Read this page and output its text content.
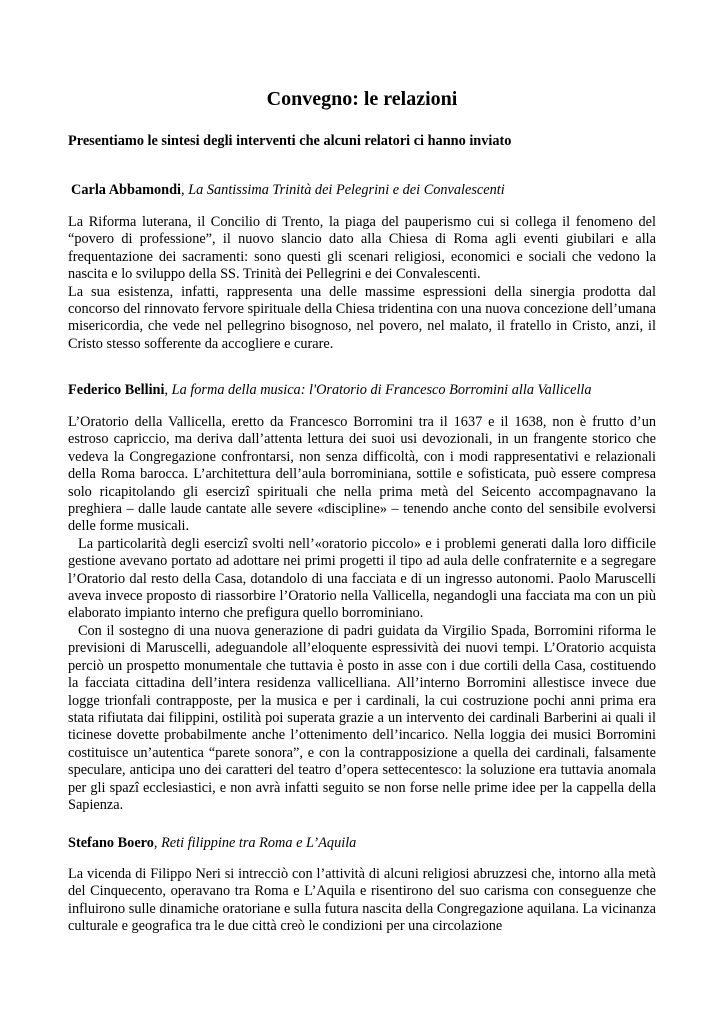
Convegno: le relazioni

Presentiamo le sintesi degli interventi che alcuni relatori ci hanno inviato

Carla Abbamondi, La Santissima Trinità dei Pelegrini e dei Convalescenti

La Riforma luterana, il Concilio di Trento, la piaga del pauperismo cui si collega il fenomeno del “povero di professione”, il nuovo slancio dato alla Chiesa di Roma agli eventi giubilari e alla frequentazione dei sacramenti: sono questi gli scenari religiosi, economici e sociali che vedono la nascita e lo sviluppo della SS. Trinità dei Pellegrini e dei Convalescenti.

La sua esistenza, infatti, rappresenta una delle massime espressioni della sinergia prodotta dal concorso del rinnovato fervore spirituale della Chiesa tridentina con una nuova concezione dell’umana misericordia, che vede nel pellegrino bisognoso, nel povero, nel malato, il fratello in Cristo, anzi, il Cristo stesso sofferente da accogliere e curare.

Federico Bellini, La forma della musica: l'Oratorio di Francesco Borromini alla Vallicella

L’Oratorio della Vallicella, eretto da Francesco Borromini tra il 1637 e il 1638, non è frutto d’un estroso capriccio, ma deriva dall’attenta lettura dei suoi usi devozionali, in un frangente storico che vedeva la Congregazione confrontarsi, non senza difficoltà, con i modi rappresentativi e relazionali della Roma barocca. L’architettura dell’aula borrominiana, sottile e sofisticata, può essere compresa solo ricapitolando gli esercizî spirituali che nella prima metà del Seicento accompagnavano la preghiera – dalle laude cantate alle severe «discipline» – tenendo anche conto del sensibile evolversi delle forme musicali.

La particolarità degli esercizî svolti nell’«oratorio piccolo» e i problemi generati dalla loro difficile gestione avevano portato ad adottare nei primi progetti il tipo ad aula delle confraternite e a segregare l’Oratorio dal resto della Casa, dotandolo di una facciata e di un ingresso autonomi. Paolo Maruscelli aveva invece proposto di riassorbire l’Oratorio nella Vallicella, negandogli una facciata ma con un più elaborato impianto interno che prefigura quello borrominiano.

Con il sostegno di una nuova generazione di padri guidata da Virgilio Spada, Borromini riforma le previsioni di Maruscelli, adeguandole all’eloquente espressività dei nuovi tempi. L’Oratorio acquista perciò un prospetto monumentale che tuttavia è posto in asse con i due cortili della Casa, costituendo la facciata cittadina dell’intera residenza vallicelliana. All’interno Borromini allestisce invece due logge trionfali contrapposte, per la musica e per i cardinali, la cui costruzione pochi anni prima era stata rifiutata dai filippini, ostilità poi superata grazie a un intervento dei cardinali Barberini ai quali il ticinese dovette probabilmente anche l’ottenimento dell’incarico. Nella loggia dei musici Borromini costituisce un’autentica “parete sonora”, e con la contrapposizione a quella dei cardinali, falsamente speculare, anticipa uno dei caratteri del teatro d’opera settecentesco: la soluzione era tuttavia anomala per gli spazî ecclesiastici, e non avrà infatti seguito se non forse nelle prime idee per la cappella della Sapienza.

Stefano Boero, Reti filippine tra Roma e L’Aquila

La vicenda di Filippo Neri si intrecciò con l’attività di alcuni religiosi abruzzesi che, intorno alla metà del Cinquecento, operavano tra Roma e L’Aquila e risentirono del suo carisma con conseguenze che influirono sulle dinamiche oratoriane e sulla futura nascita della Congregazione aquilana. La vicinanza culturale e geografica tra le due città creò le condizioni per una circolazione
